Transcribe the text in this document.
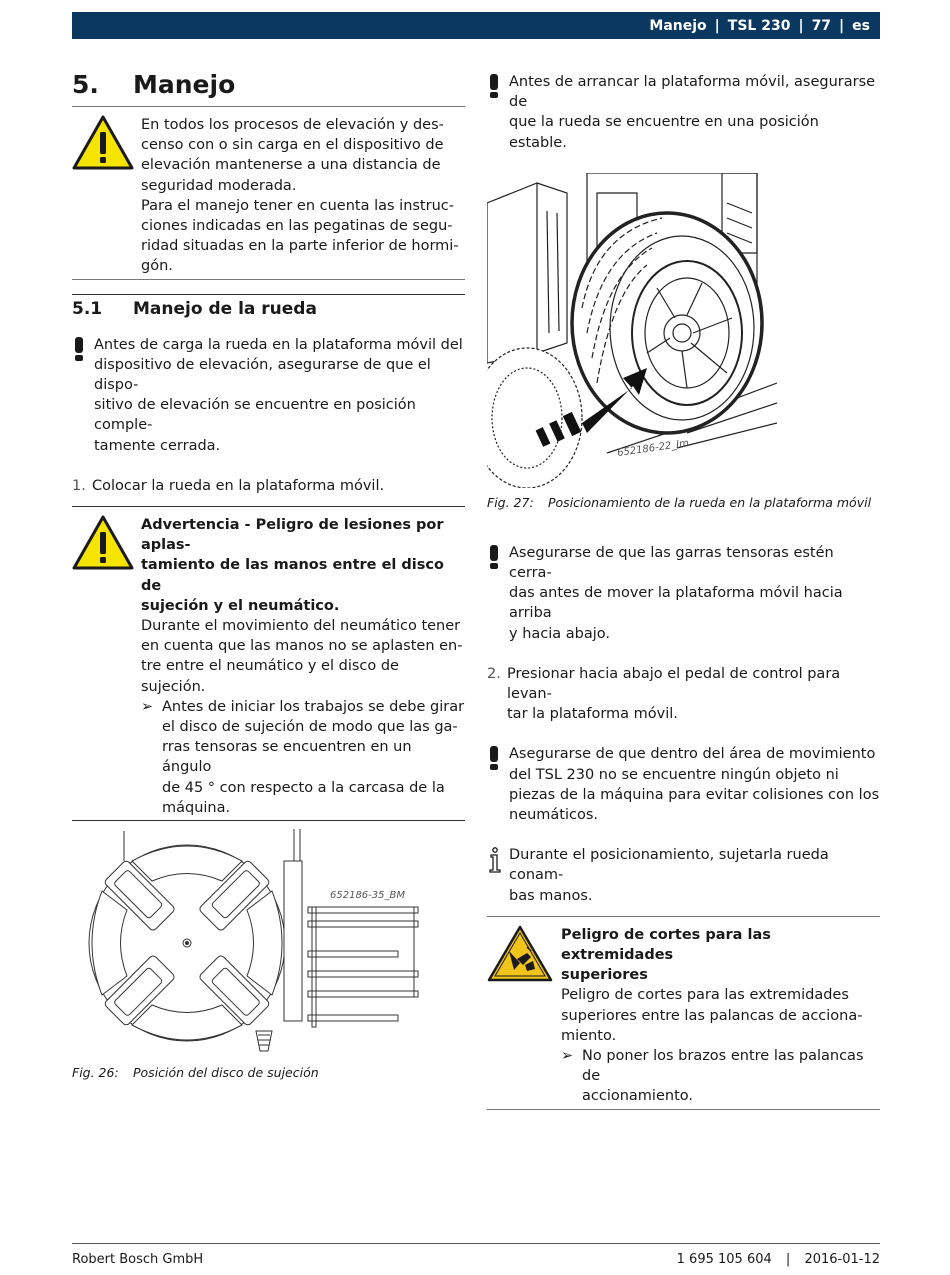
Manejo | TSL 230 | 77 | es
5.	Manejo
En todos los procesos de elevación y des-
censo con o sin carga en el dispositivo de
elevación mantenerse a una distancia de
seguridad moderada.
Para el manejo tener en cuenta las instruc-
ciones indicadas en las pegatinas de segu-
ridad situadas en la parte inferior de hormi-
gón.
5.1	Manejo de la rueda
Antes de carga la rueda en la plataforma móvil del
dispositivo de elevación, asegurarse de que el dispo-
sitivo de elevación se encuentre en posición comple-
tamente cerrada.
1. Colocar la rueda en la plataforma móvil.
Advertencia - Peligro de lesiones por aplas-
tamiento de las manos entre el disco de
sujeción y el neumático.
Durante el movimiento del neumático tener
en cuenta que las manos no se aplasten en-
tre entre el neumático y el disco de sujeción.
➢ Antes de iniciar los trabajos se debe girar
el disco de sujeción de modo que las ga-
rras tensoras se encuentren en un ángulo
de 45 ° con respecto a la carcasa de la
máquina.
652186-35_BM
Fig. 26:	Posición del disco de sujeción
Antes de arrancar la plataforma móvil, asegurarse de
que la rueda se encuentre en una posición estable.
652186-22_Im
Fig. 27:	Posicionamiento de la rueda en la plataforma móvil
Asegurarse de que las garras tensoras estén cerra-
das antes de mover la plataforma móvil hacia arriba
y hacia abajo.
2. Presionar hacia abajo el pedal de control para levan-
tar la plataforma móvil.
Asegurarse de que dentro del área de movimiento
del TSL 230 no se encuentre ningún objeto ni
piezas de la máquina para evitar colisiones con los
neumáticos.
Durante el posicionamiento, sujetarla rueda conam-
bas manos.
Peligro de cortes para las extremidades
superiores
Peligro de cortes para las extremidades
superiores entre las palancas de acciona-
miento.
➢ No poner los brazos entre las palancas de
accionamiento.
Robert Bosch GmbH	1 695 105 604 | 2016-01-12
